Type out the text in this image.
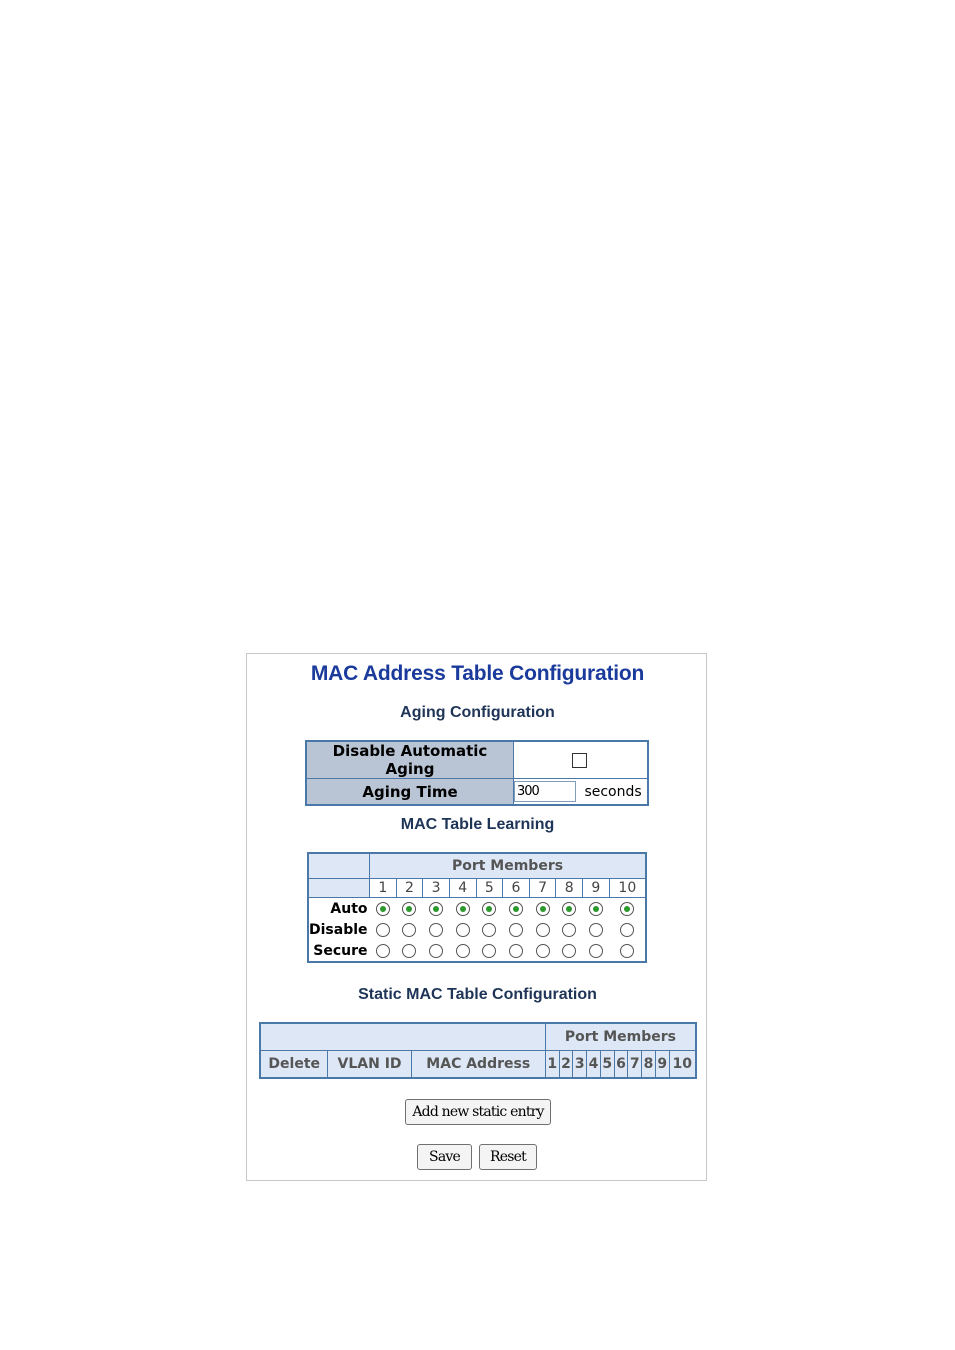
MAC Address Table Configuration
Aging Configuration
Disable Automatic Aging	
Aging Time	300seconds
MAC Table Learning
	Port Members									
	1	2	3	4	5	6	7	8	9	10
Auto										
Disable										
Secure										
Static MAC Table Configuration
			Port Members									
Delete	VLAN ID	MAC Address	1	2	3	4	5	6	7	8	9	10
Add new static entry
Save	Reset
